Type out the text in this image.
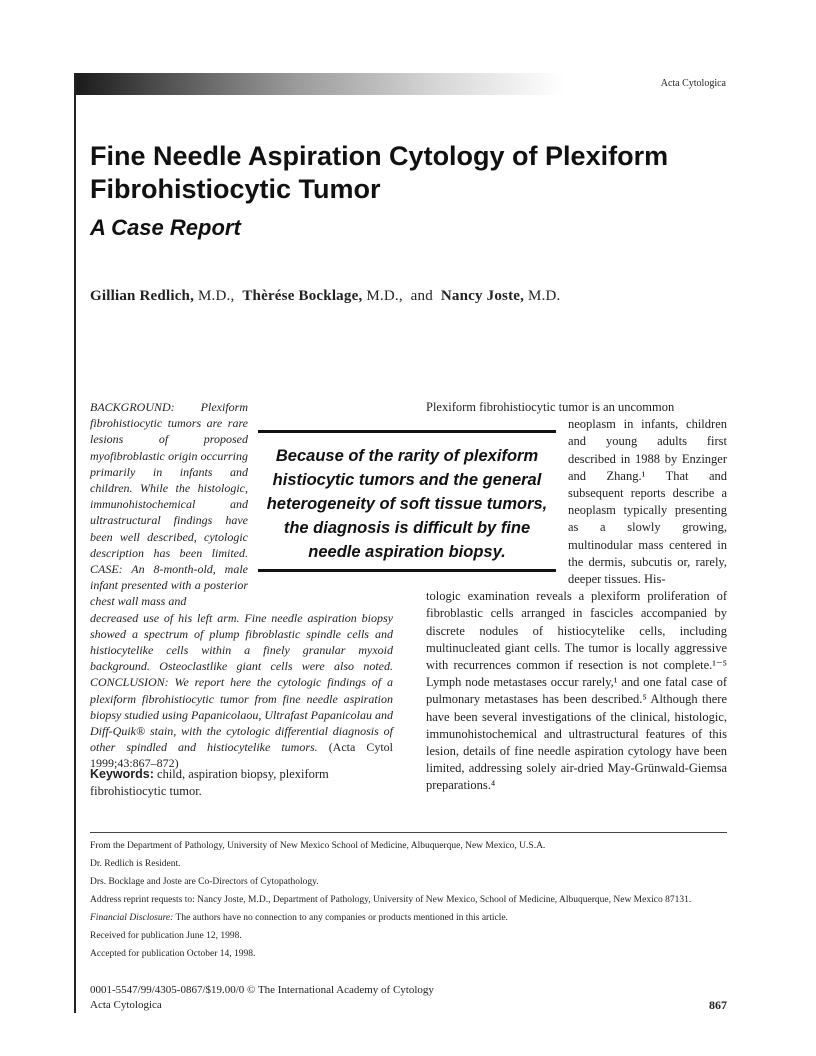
Acta Cytologica
Fine Needle Aspiration Cytology of Plexiform
Fibrohistiocytic Tumor
A Case Report
Gillian Redlich, M.D., Thèrése Bocklage, M.D., and Nancy Joste, M.D.
BACKGROUND: Plexiform fibrohistiocytic tumors are rare lesions of proposed myofibroblastic origin occurring primarily in infants and children. While the histologic, immunohistochemical and ultrastructural findings have been well described, cytologic description has been limited. CASE: An 8-month-old, male infant presented with a posterior chest wall mass and
decreased use of his left arm. Fine needle aspiration biopsy showed a spectrum of plump fibroblastic spindle cells and histiocytelike cells within a finely granular myxoid background. Osteoclastlike giant cells were also noted. CONCLUSION: We report here the cytologic findings of a plexiform fibrohistiocytic tumor from fine needle aspiration biopsy studied using Papanicolaou, Ultrafast Papanicolau and Diff-Quik® stain, with the cytologic differential diagnosis of other spindled and histiocytelike tumors. (Acta Cytol 1999;43:867–872)
Keywords: child, aspiration biopsy, plexiform fibrohistiocytic tumor.
Plexiform fibrohistiocytic tumor is an uncommon
neoplasm in infants, children and young adults first described in 1988 by Enzinger and Zhang.¹ That and subsequent reports describe a neoplasm typically presenting as a slowly growing, multinodular mass centered in the dermis, subcutis or, rarely, deeper tissues. His-
tologic examination reveals a plexiform proliferation of fibroblastic cells arranged in fascicles accompanied by discrete nodules of histiocytelike cells, including multinucleated giant cells. The tumor is locally aggressive with recurrences common if resection is not complete.¹⁻⁵ Lymph node metastases occur rarely,¹ and one fatal case of pulmonary metastases has been described.⁵ Although there have been several investigations of the clinical, histologic, immunohistochemical and ultrastructural features of this lesion, details of fine needle aspiration cytology have been limited, addressing solely air-dried May-Grünwald-Giemsa preparations.⁴
Because of the rarity of plexiform histiocytic tumors and the general heterogeneity of soft tissue tumors, the diagnosis is difficult by fine needle aspiration biopsy.

From the Department of Pathology, University of New Mexico School of Medicine, Albuquerque, New Mexico, U.S.A.

Dr. Redlich is Resident.

Drs. Bocklage and Joste are Co-Directors of Cytopathology.

Address reprint requests to: Nancy Joste, M.D., Department of Pathology, University of New Mexico, School of Medicine, Albuquerque, New Mexico 87131.

Financial Disclosure: The authors have no connection to any companies or products mentioned in this article.

Received for publication June 12, 1998.

Accepted for publication October 14, 1998.

0001-5547/99/4305-0867/$19.00/0 © The International Academy of Cytology
Acta Cytologica	867
